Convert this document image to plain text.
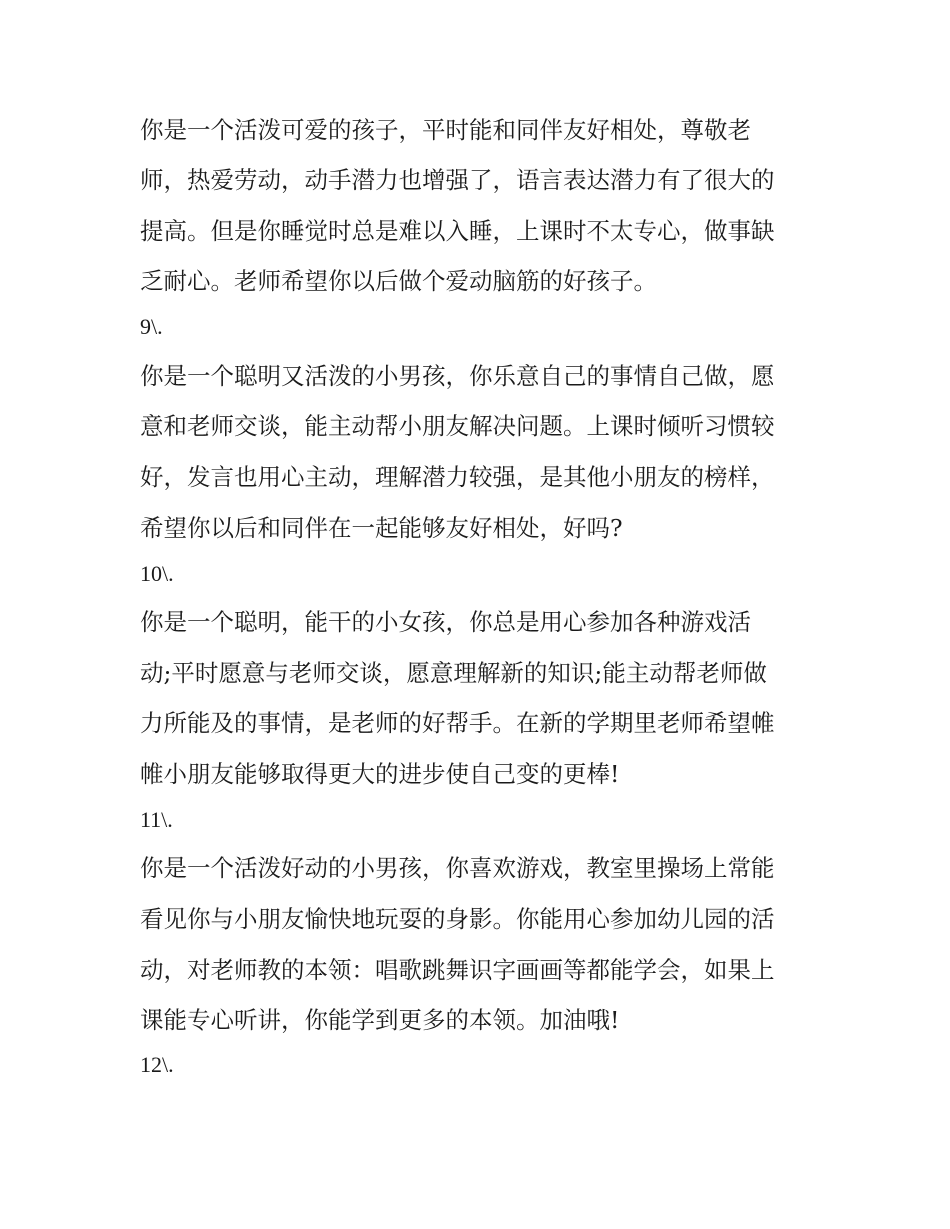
你是一个活泼可爱的孩子，平时能和同伴友好相处，尊敬老
师，热爱劳动，动手潜力也增强了，语言表达潜力有了很大的
提高。但是你睡觉时总是难以入睡，上课时不太专心，做事缺
乏耐心。老师希望你以后做个爱动脑筋的好孩子。
9\.
你是一个聪明又活泼的小男孩，你乐意自己的事情自己做，愿
意和老师交谈，能主动帮小朋友解决问题。上课时倾听习惯较
好，发言也用心主动，理解潜力较强，是其他小朋友的榜样，
希望你以后和同伴在一起能够友好相处，好吗?
10\.
你是一个聪明，能干的小女孩，你总是用心参加各种游戏活
动;平时愿意与老师交谈，愿意理解新的知识;能主动帮老师做
力所能及的事情，是老师的好帮手。在新的学期里老师希望帷
帷小朋友能够取得更大的进步使自己变的更棒!
11\.
你是一个活泼好动的小男孩，你喜欢游戏，教室里操场上常能
看见你与小朋友愉快地玩耍的身影。你能用心参加幼儿园的活
动，对老师教的本领：唱歌跳舞识字画画等都能学会，如果上
课能专心听讲，你能学到更多的本领。加油哦!
12\.
